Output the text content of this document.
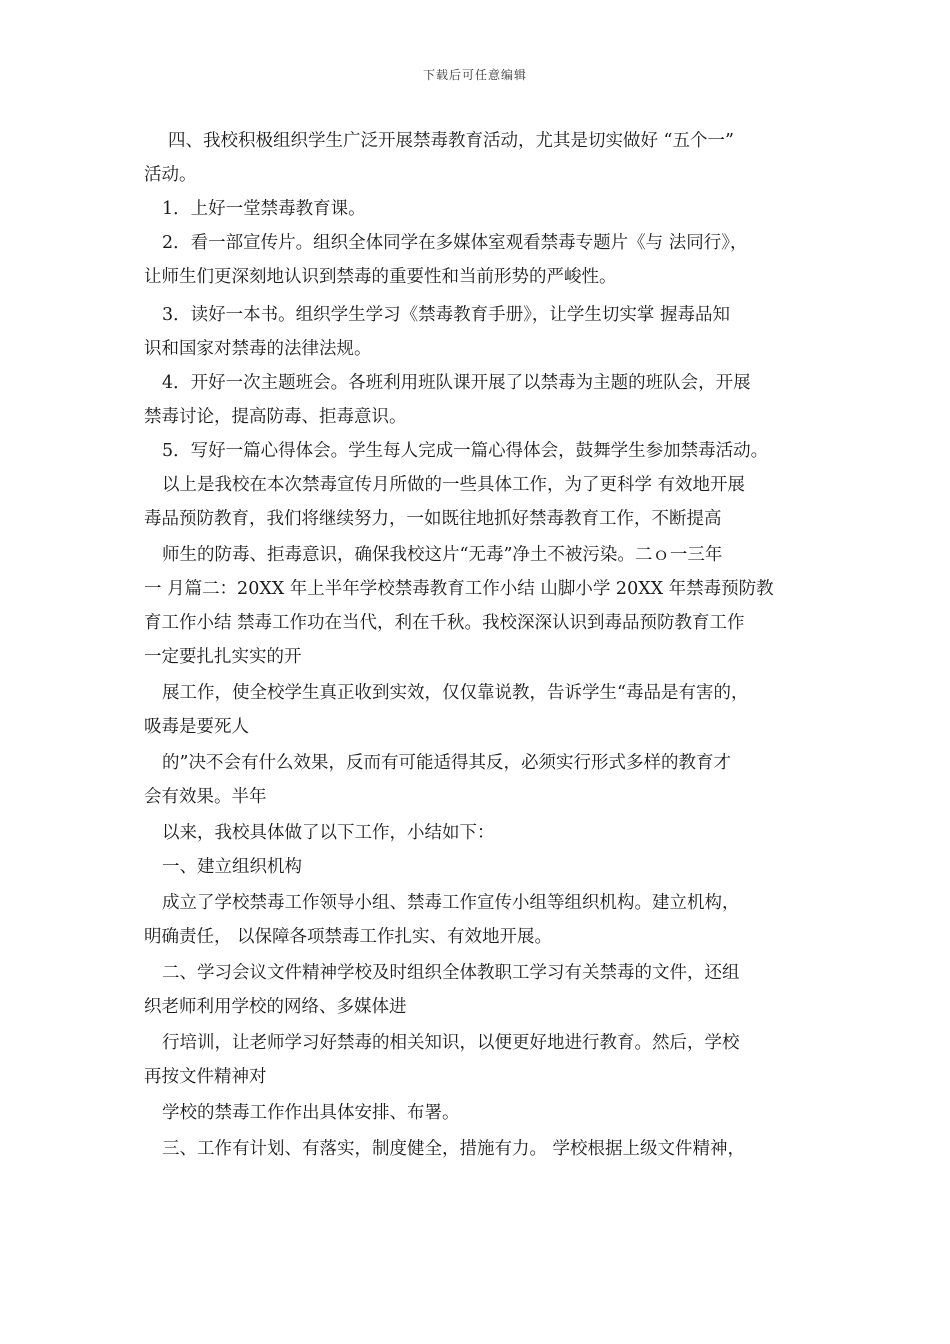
下载后可任意编辑
四、我校积极组织学生广泛开展禁毒教育活动，尤其是切实做好 “五个一”
活动。
1．上好一堂禁毒教育课。
2．看一部宣传片。组织全体同学在多媒体室观看禁毒专题片《与 法同行》，
让师生们更深刻地认识到禁毒的重要性和当前形势的严峻性。
3．读好一本书。组织学生学习《禁毒教育手册》，让学生切实掌 握毒品知
识和国家对禁毒的法律法规。
4．开好一次主题班会。各班利用班队课开展了以禁毒为主题的班队会，开展
禁毒讨论，提高防毒、拒毒意识。
5．写好一篇心得体会。学生每人完成一篇心得体会，鼓舞学生参加禁毒活动。
以上是我校在本次禁毒宣传月所做的一些具体工作，为了更科学 有效地开展
毒品预防教育，我们将继续努力，一如既往地抓好禁毒教育工作，不断提高
师生的防毒、拒毒意识，确保我校这片“无毒”净土不被污染。二ｏ一三年
一 月篇二：20XX 年上半年学校禁毒教育工作小结 山脚小学 20XX 年禁毒预防教
育工作小结 禁毒工作功在当代，利在千秋。我校深深认识到毒品预防教育工作
一定要扎扎实实的开
展工作，使全校学生真正收到实效，仅仅靠说教，告诉学生“毒品是有害的，
吸毒是要死人
的”决不会有什么效果，反而有可能适得其反，必须实行形式多样的教育才
会有效果。半年
以来，我校具体做了以下工作，小结如下：
一、建立组织机构
成立了学校禁毒工作领导小组、禁毒工作宣传小组等组织机构。建立机构，
明确责任， 以保障各项禁毒工作扎实、有效地开展。
二、学习会议文件精神学校及时组织全体教职工学习有关禁毒的文件，还组
织老师利用学校的网络、多媒体进
行培训，让老师学习好禁毒的相关知识，以便更好地进行教育。然后，学校
再按文件精神对
学校的禁毒工作作出具体安排、布署。
三、工作有计划、有落实，制度健全，措施有力。 学校根据上级文件精神，
